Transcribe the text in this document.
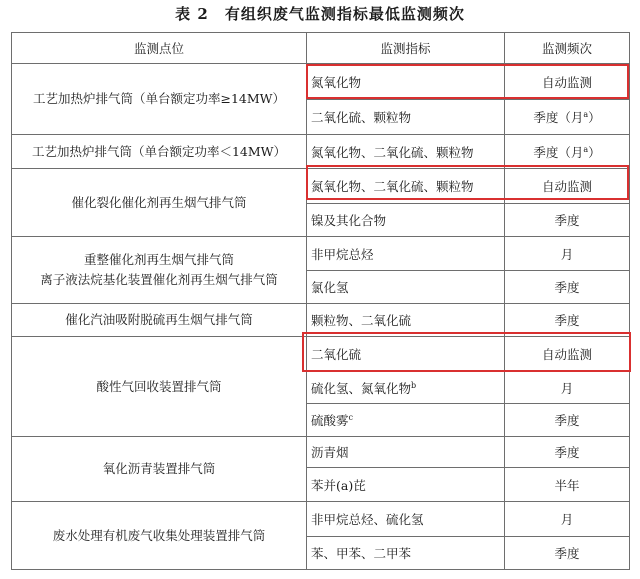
表 2　有组织废气监测指标最低监测频次
监测点位	监测指标	监测频次
工艺加热炉排气筒（单台额定功率≥14MW）	氮氧化物	自动监测
	二氧化硫、颗粒物	季度（月$^a$）
工艺加热炉排气筒（单台额定功率＜14MW）	氮氧化物、二氧化硫、颗粒物	季度（月$^a$）
催化裂化催化剂再生烟气排气筒	氮氧化物、二氧化硫、颗粒物	自动监测
	镍及其化合物	季度
重整催化剂再生烟气排气筒
离子液法烷基化装置催化剂再生烟气排气筒	非甲烷总烃	月
	氯化氢	季度
催化汽油吸附脱硫再生烟气排气筒	颗粒物、二氧化硫	季度
酸性气回收装置排气筒	二氧化硫	自动监测
	硫化氢、氮氧化物$^b$	月
	硫酸雾$^c$	季度
氧化沥青装置排气筒	沥青烟	季度
	苯并(a)芘	半年
废水处理有机废气收集处理装置排气筒	非甲烷总烃、硫化氢	月
	苯、甲苯、二甲苯	季度
